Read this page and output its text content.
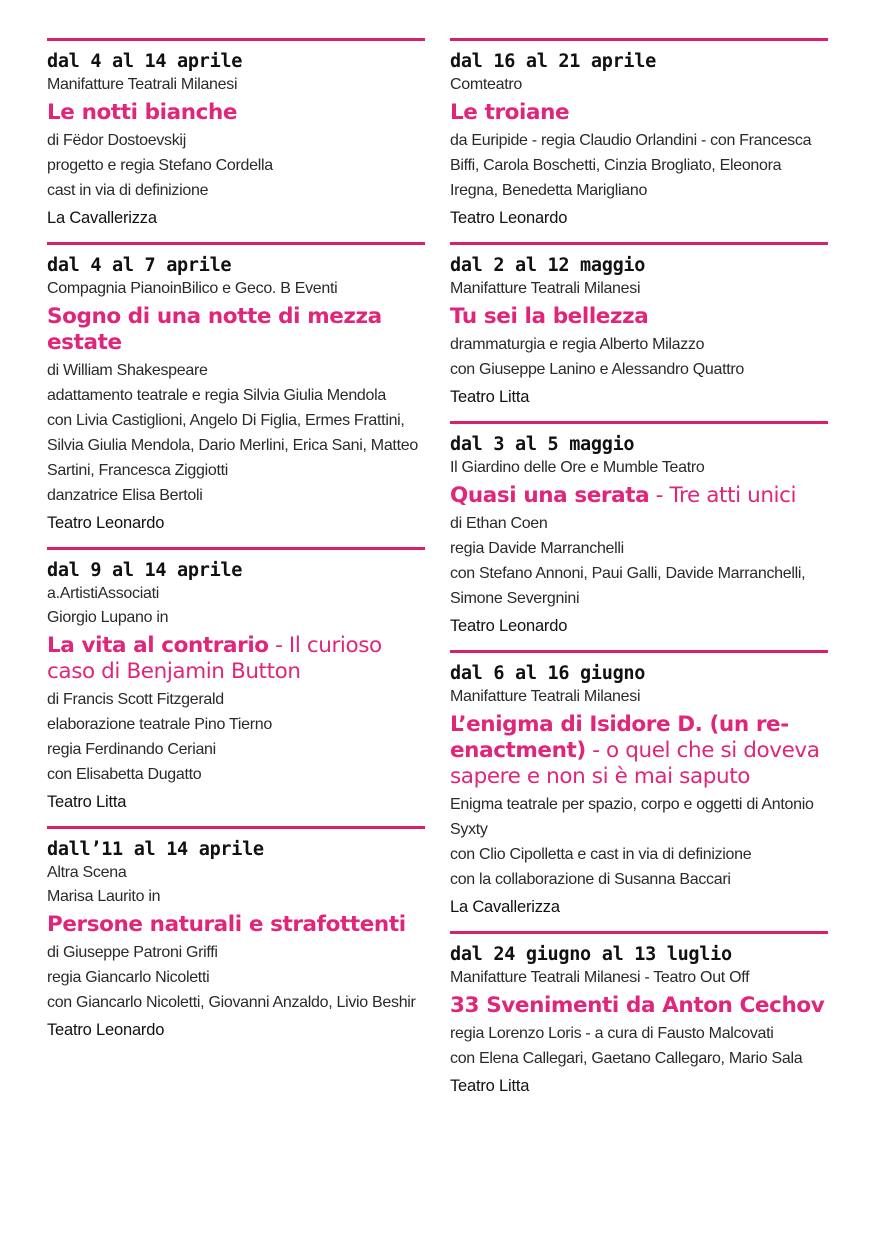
dal 4 al 14 aprile
Manifatture Teatrali Milanesi
Le notti bianche
di Fëdor Dostoevskij
progetto e regia Stefano Cordella
cast in via di definizione
La Cavallerizza
dal 4 al 7 aprile
Compagnia PianoinBilico e Geco. B Eventi
Sogno di una notte di mezza estate
di William Shakespeare
adattamento teatrale e regia Silvia Giulia Mendola
con Livia Castiglioni, Angelo Di Figlia, Ermes Frattini, Silvia Giulia Mendola, Dario Merlini, Erica Sani, Matteo Sartini, Francesca Ziggiotti
danzatrice Elisa Bertoli
Teatro Leonardo
dal 9 al 14 aprile
a.ArtistiAssociati
Giorgio Lupano in
La vita al contrario - Il curioso caso di Benjamin Button
di Francis Scott Fitzgerald
elaborazione teatrale Pino Tierno
regia Ferdinando Ceriani
con Elisabetta Dugatto
Teatro Litta
dall’11 al 14 aprile
Altra Scena
Marisa Laurito in
Persone naturali e strafottenti
di Giuseppe Patroni Griffi
regia Giancarlo Nicoletti
con Giancarlo Nicoletti, Giovanni Anzaldo, Livio Beshir
Teatro Leonardo
dal 16 al 21 aprile
Comteatro
Le troiane
da Euripide - regia Claudio Orlandini - con Francesca Biffi, Carola Boschetti, Cinzia Brogliato, Eleonora Iregna, Benedetta Marigliano
Teatro Leonardo
dal 2 al 12 maggio
Manifatture Teatrali Milanesi
Tu sei la bellezza
drammaturgia e regia Alberto Milazzo
con Giuseppe Lanino e Alessandro Quattro
Teatro Litta
dal 3 al 5 maggio
Il Giardino delle Ore e Mumble Teatro
Quasi una serata - Tre atti unici
di Ethan Coen
regia Davide Marranchelli
con Stefano Annoni, Paui Galli, Davide Marranchelli, Simone Severgnini
Teatro Leonardo
dal 6 al 16 giugno
Manifatture Teatrali Milanesi
L’enigma di Isidore D. (un re-enactment) - o quel che si doveva sapere e non si è mai saputo
Enigma teatrale per spazio, corpo e oggetti di Antonio Syxty
con Clio Cipolletta e cast in via di definizione
con la collaborazione di Susanna Baccari
La Cavallerizza
dal 24 giugno al 13 luglio
Manifatture Teatrali Milanesi - Teatro Out Off
33 Svenimenti da Anton Cechov
regia Lorenzo Loris - a cura di Fausto Malcovati
con Elena Callegari, Gaetano Callegaro, Mario Sala
Teatro Litta
